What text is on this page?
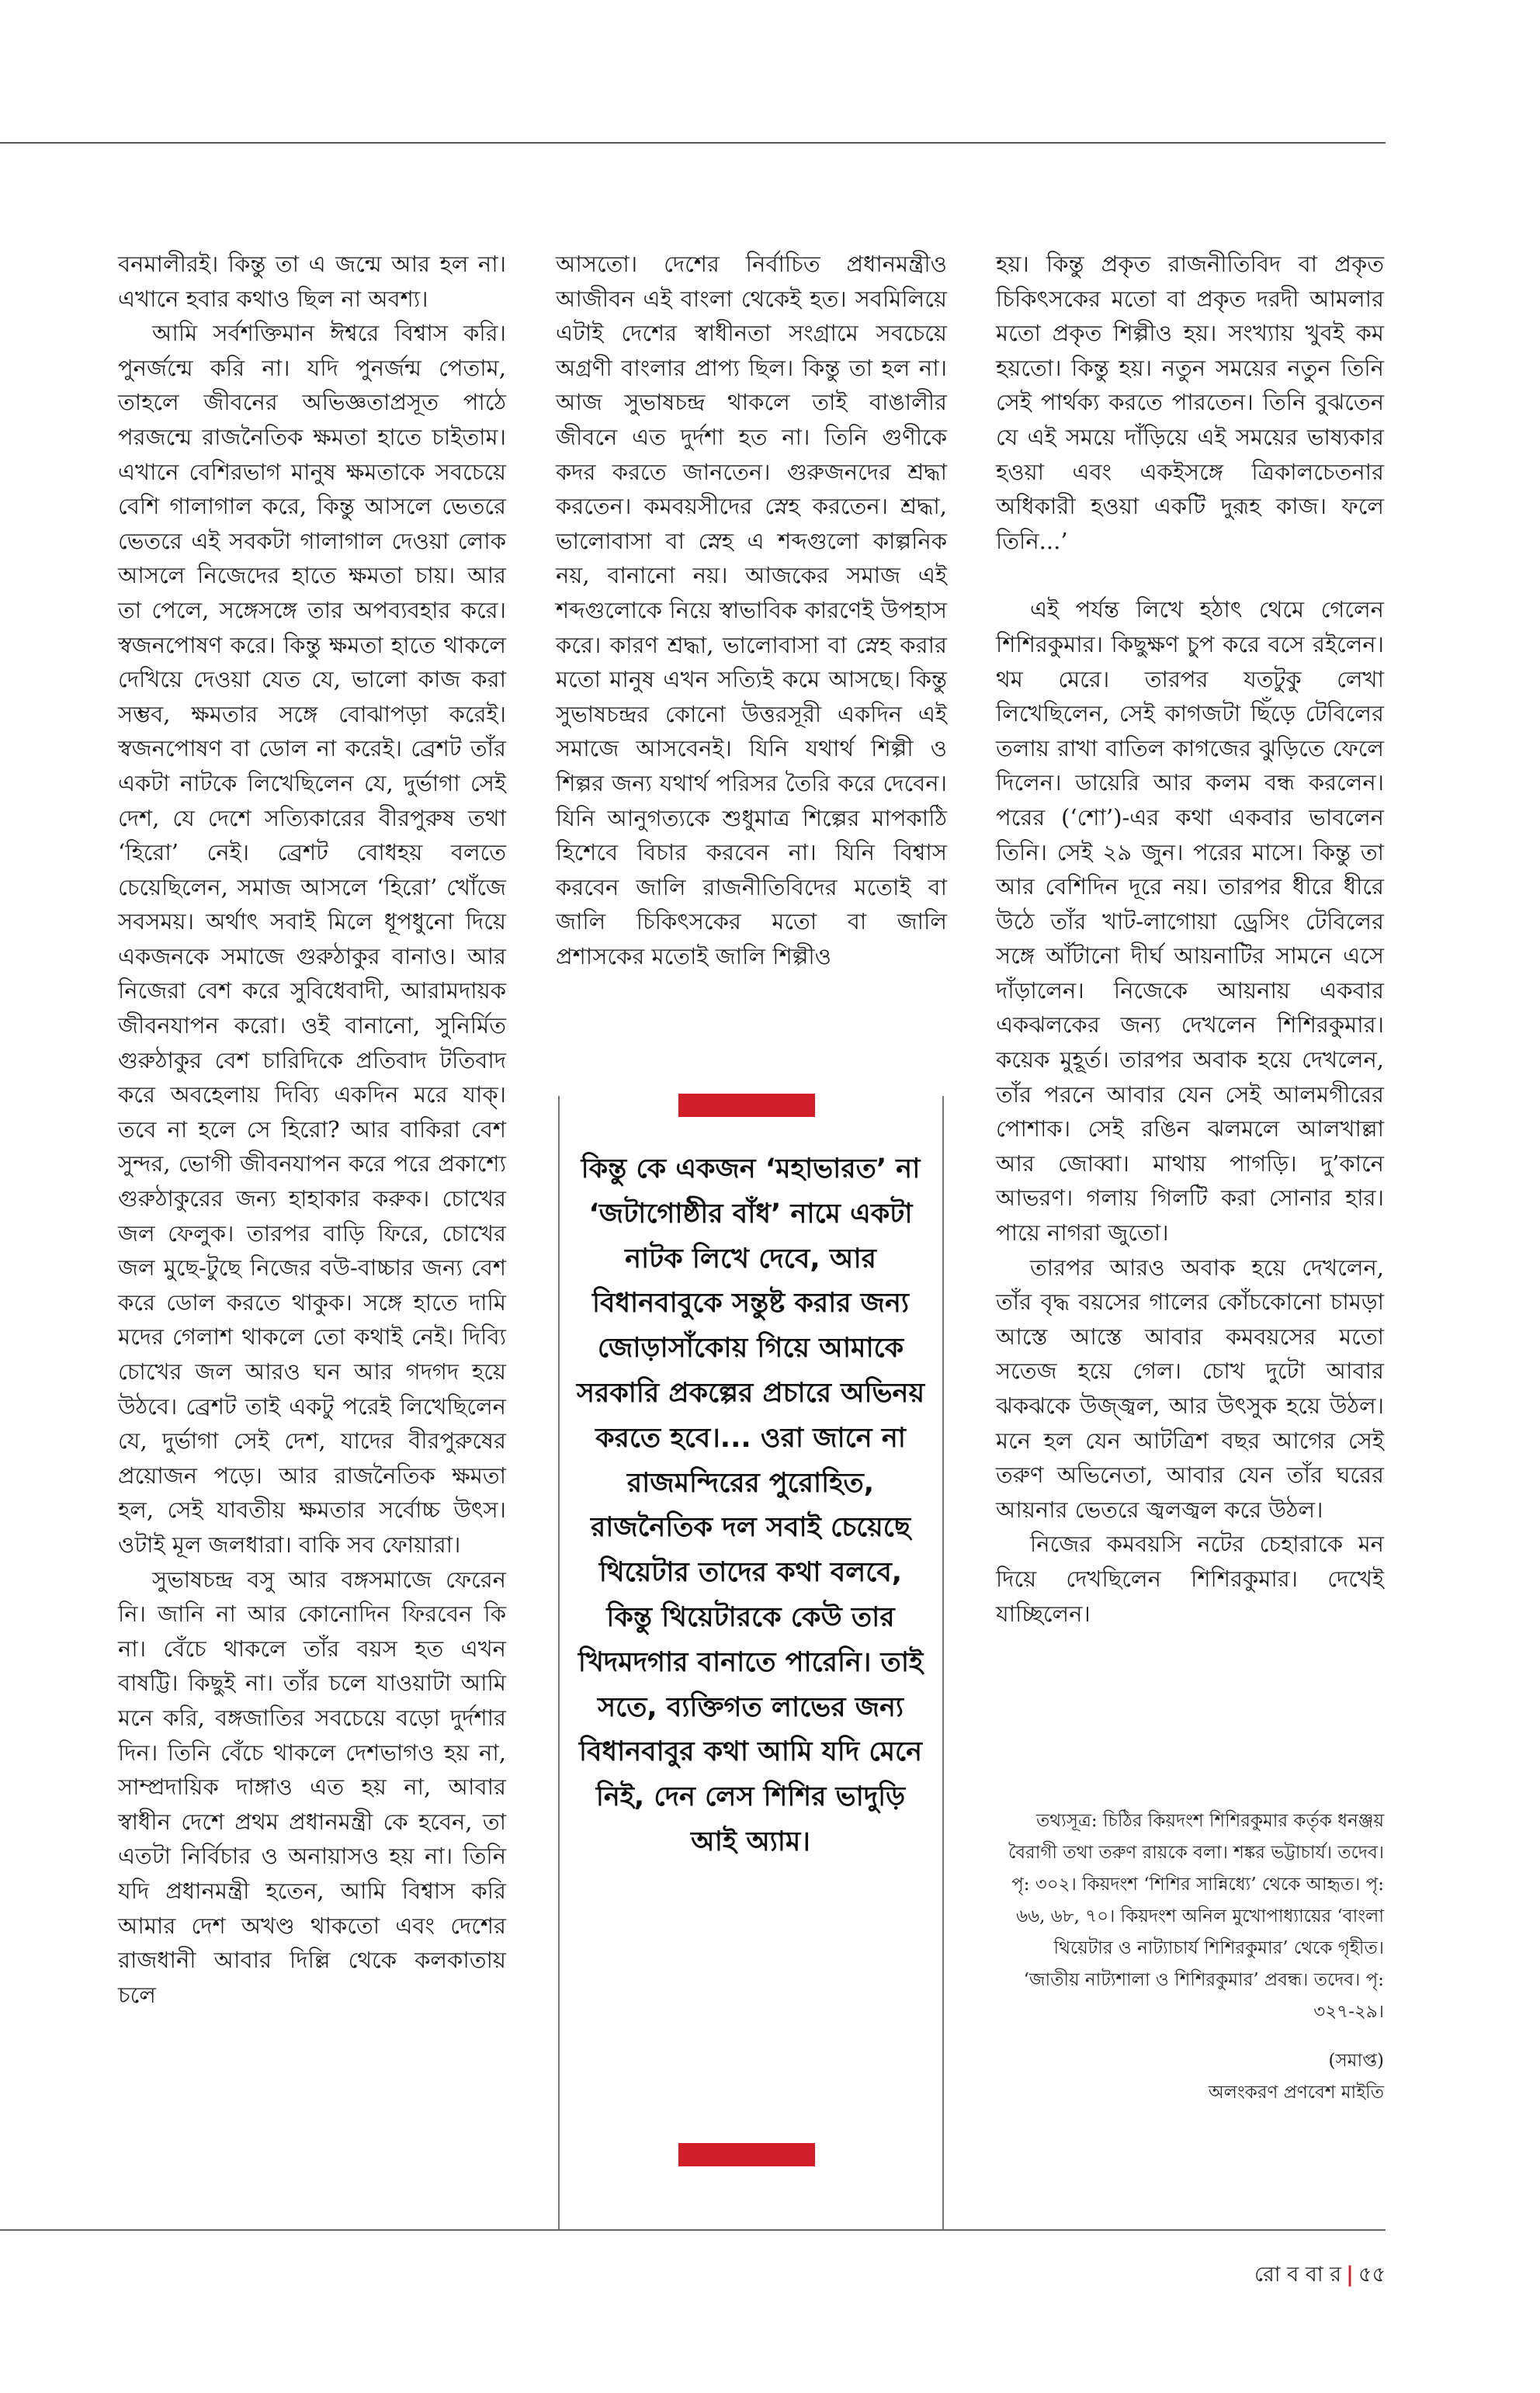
বনমালীরই। কিন্তু তা এ জন্মে আর হল না। এখানে হবার কথাও ছিল না অবশ্য।

আমি সর্বশক্তিমান ঈশ্বরে বিশ্বাস করি। পুনর্জন্মে করি না। যদি পুনর্জন্ম পেতাম, তাহলে জীবনের অভিজ্ঞতাপ্রসূত পাঠে পরজন্মে রাজনৈতিক ক্ষমতা হাতে চাইতাম। এখানে বেশিরভাগ মানুষ ক্ষমতাকে সবচেয়ে বেশি গালাগাল করে, কিন্তু আসলে ভেতরে ভেতরে এই সবকটা গালাগাল দেওয়া লোক আসলে নিজেদের হাতে ক্ষমতা চায়। আর তা পেলে, সঙ্গেসঙ্গে তার অপব্যবহার করে। স্বজনপোষণ করে। কিন্তু ক্ষমতা হাতে থাকলে দেখিয়ে দেওয়া যেত যে, ভালো কাজ করা সম্ভব, ক্ষমতার সঙ্গে বোঝাপড়া করেই। স্বজনপোষণ বা ডোল না করেই। ব্রেশট তাঁর একটা নাটকে লিখেছিলেন যে, দুর্ভাগা সেই দেশ, যে দেশে সত্যিকারের বীরপুরুষ তথা ‘হিরো’ নেই। ব্রেশট বোধহয় বলতে চেয়েছিলেন, সমাজ আসলে ‘হিরো’ খোঁজে সবসময়। অর্থাৎ সবাই মিলে ধূপধুনো দিয়ে একজনকে সমাজে গুরুঠাকুর বানাও। আর নিজেরা বেশ করে সুবিধেবাদী, আরামদায়ক জীবনযাপন করো। ওই বানানো, সুনির্মিত গুরুঠাকুর বেশ চারিদিকে প্রতিবাদ টতিবাদ করে অবহেলায় দিব্যি একদিন মরে যাক্। তবে না হলে সে হিরো? আর বাকিরা বেশ সুন্দর, ভোগী জীবনযাপন করে পরে প্রকাশ্যে গুরুঠাকুরের জন্য হাহাকার করুক। চোখের জল ফেলুক। তারপর বাড়ি ফিরে, চোখের জল মুছে-টুছে নিজের বউ-বাচ্চার জন্য বেশ করে ডোল করতে থাকুক। সঙ্গে হাতে দামি মদের গেলাশ থাকলে তো কথাই নেই। দিব্যি চোখের জল আরও ঘন আর গদগদ হয়ে উঠবে। ব্রেশট তাই একটু পরেই লিখেছিলেন যে, দুর্ভাগা সেই দেশ, যাদের বীরপুরুষের প্রয়োজন পড়ে। আর রাজনৈতিক ক্ষমতা হল, সেই যাবতীয় ক্ষমতার সর্বোচ্চ উৎস। ওটাই মূল জলধারা। বাকি সব ফোয়ারা।

সুভাষচন্দ্র বসু আর বঙ্গসমাজে ফেরেন নি। জানি না আর কোনোদিন ফিরবেন কি না। বেঁচে থাকলে তাঁর বয়স হত এখন বাষট্টি। কিছুই না। তাঁর চলে যাওয়াটা আমি মনে করি, বঙ্গজাতির সবচেয়ে বড়ো দুর্দশার দিন। তিনি বেঁচে থাকলে দেশভাগও হয় না, সাম্প্রদায়িক দাঙ্গাও এত হয় না, আবার স্বাধীন দেশে প্রথম প্রধানমন্ত্রী কে হবেন, তা এতটা নির্বিচার ও অনায়াসও হয় না। তিনি যদি প্রধানমন্ত্রী হতেন, আমি বিশ্বাস করি আমার দেশ অখণ্ড থাকতো এবং দেশের রাজধানী আবার দিল্লি থেকে কলকাতায় চলে

আসতো। দেশের নির্বাচিত প্রধানমন্ত্রীও আজীবন এই বাংলা থেকেই হত। সবমিলিয়ে এটাই দেশের স্বাধীনতা সংগ্রামে সবচেয়ে অগ্রণী বাংলার প্রাপ্য ছিল। কিন্তু তা হল না। আজ সুভাষচন্দ্র থাকলে তাই বাঙালীর জীবনে এত দুর্দশা হত না। তিনি গুণীকে কদর করতে জানতেন। গুরুজনদের শ্রদ্ধা করতেন। কমবয়সীদের স্নেহ করতেন। শ্রদ্ধা, ভালোবাসা বা স্নেহ এ শব্দগুলো কাল্পনিক নয়, বানানো নয়। আজকের সমাজ এই শব্দগুলোকে নিয়ে স্বাভাবিক কারণেই উপহাস করে। কারণ শ্রদ্ধা, ভালোবাসা বা স্নেহ করার মতো মানুষ এখন সত্যিই কমে আসছে। কিন্তু সুভাষচন্দ্রর কোনো উত্তরসূরী একদিন এই সমাজে আসবেনই। যিনি যথার্থ শিল্পী ও শিল্পর জন্য যথার্থ পরিসর তৈরি করে দেবেন। যিনি আনুগত্যকে শুধুমাত্র শিল্পের মাপকাঠি হিশেবে বিচার করবেন না। যিনি বিশ্বাস করবেন জালি রাজনীতিবিদের মতোই বা জালি চিকিৎসকের মতো বা জালি প্রশাসকের মতোই জালি শিল্পীও

কিন্তু কে একজন ‘মহাভারত’ না ‘জটাগোষ্ঠীর বাঁধ’ নামে একটা নাটক লিখে দেবে, আর বিধানবাবুকে সন্তুষ্ট করার জন্য জোড়াসাঁকোয় গিয়ে আমাকে সরকারি প্রকল্পের প্রচারে অভিনয় করতে হবে।... ওরা জানে না রাজমন্দিরের পুরোহিত, রাজনৈতিক দল সবাই চেয়েছে থিয়েটার তাদের কথা বলবে, কিন্তু থিয়েটারকে কেউ তার খিদমদগার বানাতে পারেনি। তাই সতে, ব্যক্তিগত লাভের জন্য বিধানবাবুর কথা আমি যদি মেনে নিই, দেন লেস শিশির ভাদুড়ি আই অ্যাম।

হয়। কিন্তু প্রকৃত রাজনীতিবিদ বা প্রকৃত চিকিৎসকের মতো বা প্রকৃত দরদী আমলার মতো প্রকৃত শিল্পীও হয়। সংখ্যায় খুবই কম হয়তো। কিন্তু হয়। নতুন সময়ের নতুন তিনি সেই পার্থক্য করতে পারতেন। তিনি বুঝতেন যে এই সময়ে দাঁড়িয়ে এই সময়ের ভাষ্যকার হওয়া এবং একইসঙ্গে ত্রিকালচেতনার অধিকারী হওয়া একটি দুরূহ কাজ। ফলে তিনি...’

এই পর্যন্ত লিখে হঠাৎ থেমে গেলেন শিশিরকুমার। কিছুক্ষণ চুপ করে বসে রইলেন। থম মেরে। তারপর যতটুকু লেখা লিখেছিলেন, সেই কাগজটা ছিঁড়ে টেবিলের তলায় রাখা বাতিল কাগজের ঝুড়িতে ফেলে দিলেন। ডায়েরি আর কলম বন্ধ করলেন। পরের (‘শো’)-এর কথা একবার ভাবলেন তিনি। সেই ২৯ জুন। পরের মাসে। কিন্তু তা আর বেশিদিন দূরে নয়। তারপর ধীরে ধীরে উঠে তাঁর খাট-লাগোয়া ড্রেসিং টেবিলের সঙ্গে আঁটানো দীর্ঘ আয়নাটির সামনে এসে দাঁড়ালেন। নিজেকে আয়নায় একবার একঝলকের জন্য দেখলেন শিশিরকুমার। কয়েক মুহূর্ত। তারপর অবাক হয়ে দেখলেন, তাঁর পরনে আবার যেন সেই আলমগীরের পোশাক। সেই রঙিন ঝলমলে আলখাল্লা আর জোব্বা। মাথায় পাগড়ি। দু’কানে আভরণ। গলায় গিলটি করা সোনার হার। পায়ে নাগরা জুতো।

তারপর আরও অবাক হয়ে দেখলেন, তাঁর বৃদ্ধ বয়সের গালের কোঁচকোনো চামড়া আস্তে আস্তে আবার কমবয়সের মতো সতেজ হয়ে গেল। চোখ দুটো আবার ঝকঝকে উজ্জ্বল, আর উৎসুক হয়ে উঠল। মনে হল যেন আটত্রিশ বছর আগের সেই তরুণ অভিনেতা, আবার যেন তাঁর ঘরের আয়নার ভেতরে জ্বলজ্বল করে উঠল।

নিজের কমবয়সি নটের চেহারাকে মন দিয়ে দেখছিলেন শিশিরকুমার। দেখেই যাচ্ছিলেন।

তথ্যসূত্র: চিঠির কিয়দংশ শিশিরকুমার কর্তৃক ধনঞ্জয় বৈরাগী তথা তরুণ রায়কে বলা। শঙ্কর ভট্টাচার্য। তদেব। পৃ: ৩০২। কিয়দংশ ‘শিশির সান্নিধ্যে’ থেকে আহৃত। পৃ: ৬৬, ৬৮, ৭০। কিয়দংশ অনিল মুখোপাধ্যায়ের ‘বাংলা থিয়েটার ও নাট্যাচার্য শিশিরকুমার’ থেকে গৃহীত। ‘জাতীয় নাট্যশালা ও শিশিরকুমার’ প্রবন্ধ। তদেব। পৃ: ৩২৭-২৯।

(সমাপ্ত)

অলংকরণ প্রণবেশ মাইতি

রো ব বা র | ৫৫
